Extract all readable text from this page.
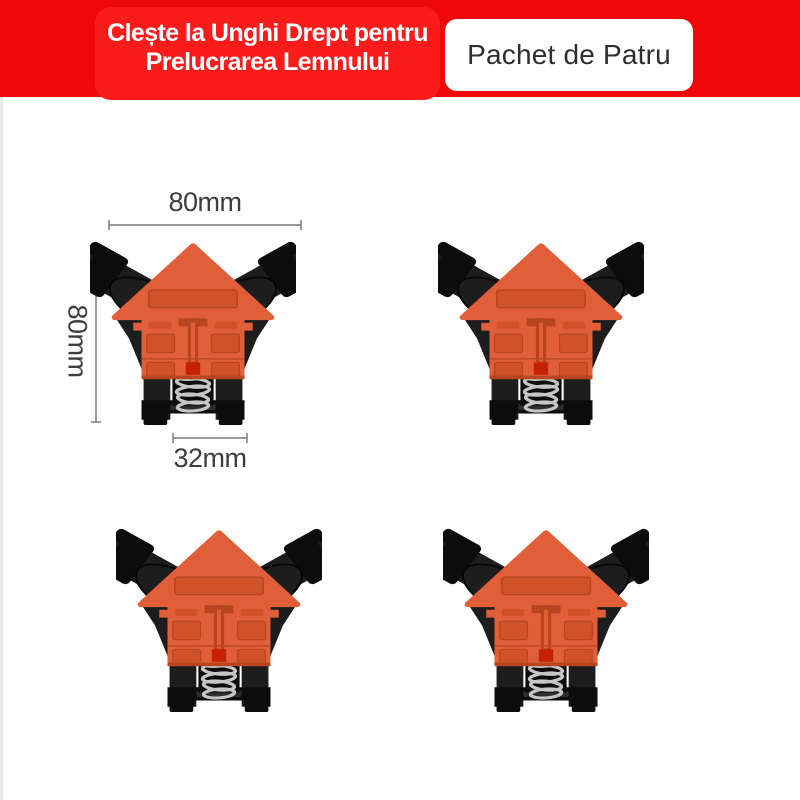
Clește la Unghi Drept pentru
Prelucrarea Lemnului	Pachet de Patru
80mm
80mm
32mm
